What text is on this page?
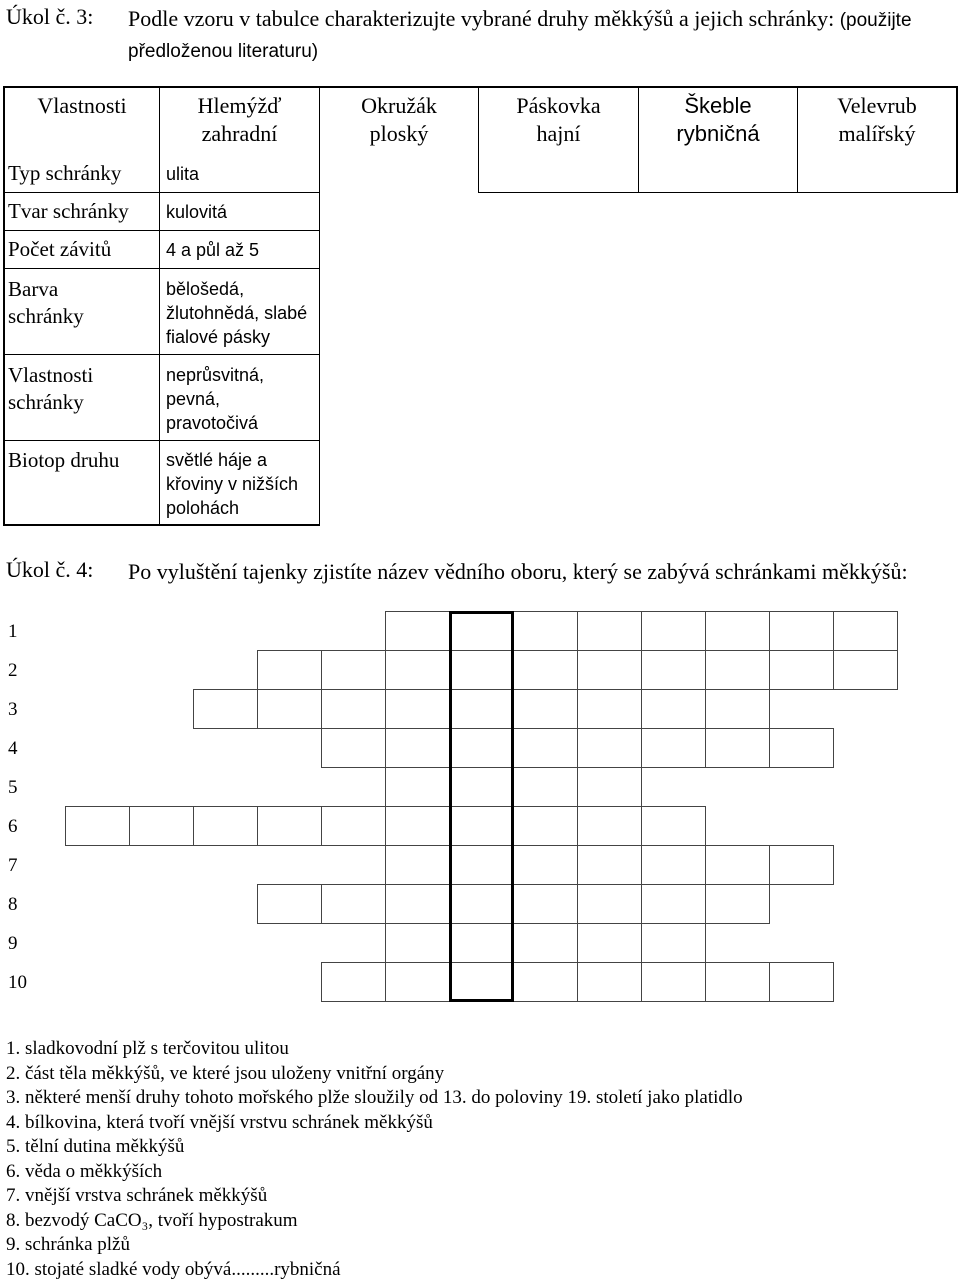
Úkol č. 3: Podle vzoru v tabulce charakterizujte vybrané druhy měkkýšů a jejich schránky: (použijte předloženou literaturu)
Vlastnosti	Hlemýžď
zahradní
Okružák
ploský
Páskovka
hajní
Škeble
rybničná
Velevrub
malířský
Typ schránky
Tvar schránky
Počet závitů
Barva
schránky
Vlastnosti
schránky
Biotop druhu
ulita
kulovitá
4 a půl až 5
bělošedá,
žlutohnědá, slabé
fialové pásky
neprůsvitná,
pevná,
pravotočivá
světlé háje a
křoviny v nižších
polohách
Úkol č. 4: Po vyluštění tajenky zjistíte název vědního oboru, který se zabývá schránkami měkkýšů:
1
2
3
4
5
6
7
8
9
10
1. sladkovodní plž s terčovitou ulitou
2. část těla měkkýšů, ve které jsou uloženy vnitřní orgány
3. některé menší druhy tohoto mořského plže sloužily od 13. do poloviny 19. století jako platidlo
4. bílkovina, která tvoří vnější vrstvu schránek měkkýšů
5. tělní dutina měkkýšů
6. věda o měkkýších
7. vnější vrstva schránek měkkýšů
8. bezvodý CaCO₃, tvoří hypostrakum
9. schránka plžů
10. stojaté sladké vody obývá.........rybničná
